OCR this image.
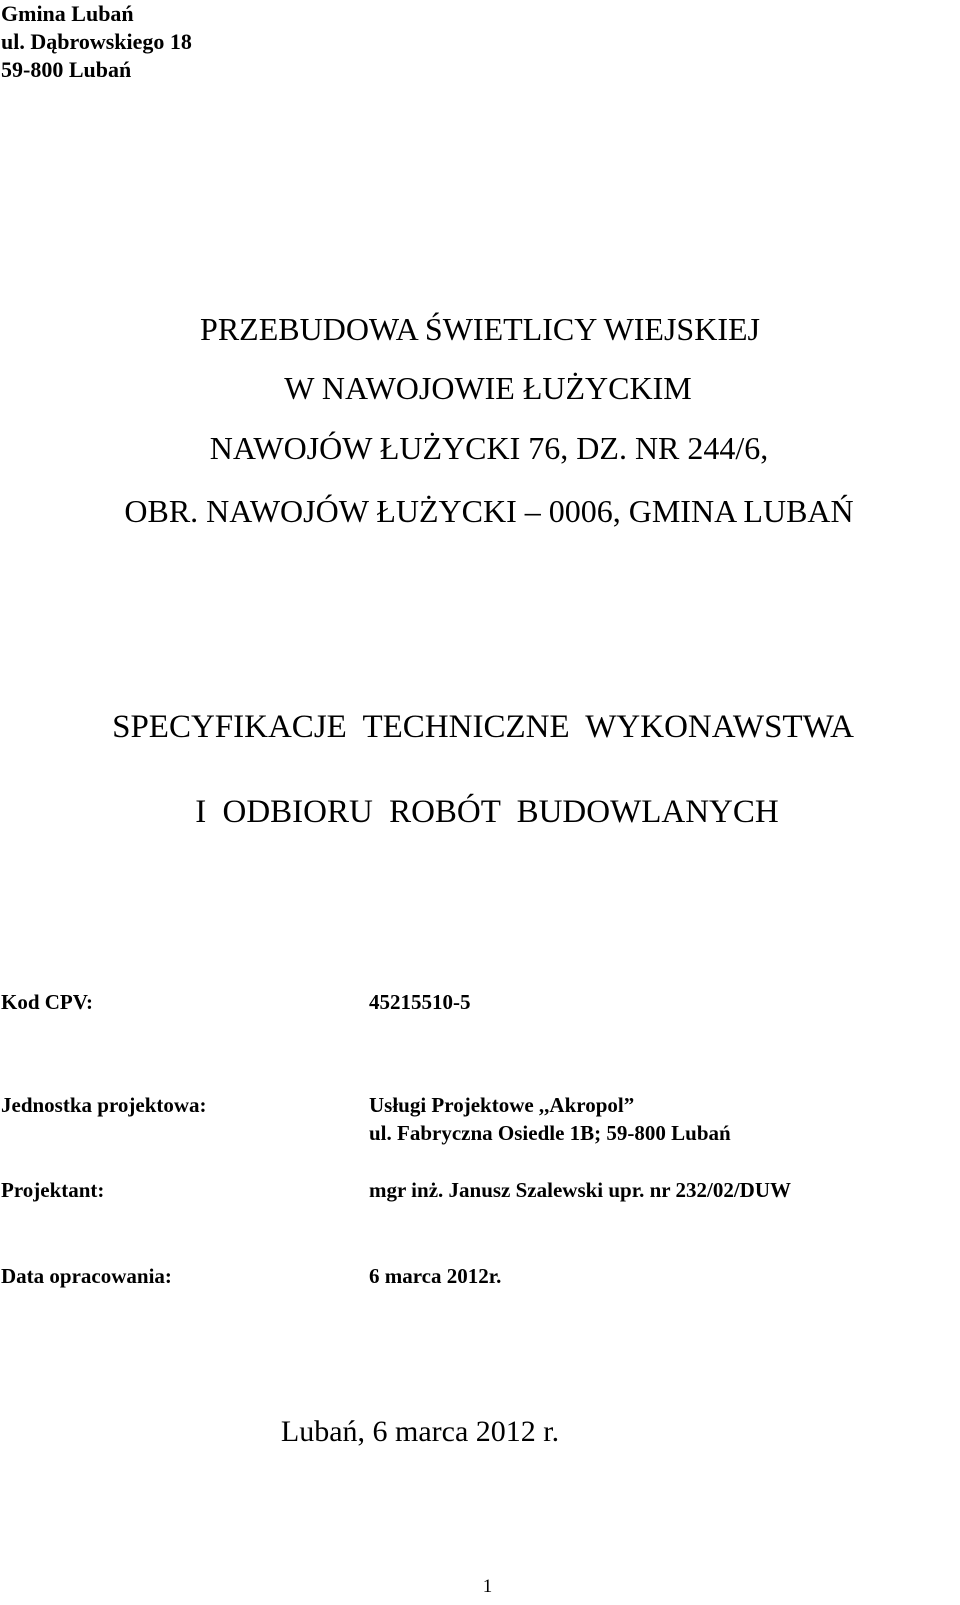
Gmina Lubań
ul. Dąbrowskiego 18
59-800 Lubań
PRZEBUDOWA ŚWIETLICY WIEJSKIEJ
W NAWOJOWIE ŁUŻYCKIM
NAWOJÓW ŁUŻYCKI 76, DZ. NR 244/6,
OBR. NAWOJÓW ŁUŻYCKI – 0006, GMINA LUBAŃ
SPECYFIKACJE TECHNICZNE WYKONAWSTWA
I ODBIORU ROBÓT BUDOWLANYCH
Kod CPV:	45215510-5
Jednostka projektowa:	Usługi Projektowe ,,Akropol”
ul. Fabryczna Osiedle 1B; 59-800 Lubań
Projektant:	mgr inż. Janusz Szalewski upr. nr 232/02/DUW
Data opracowania:	6 marca 2012r.
Lubań, 6 marca 2012 r.
1
